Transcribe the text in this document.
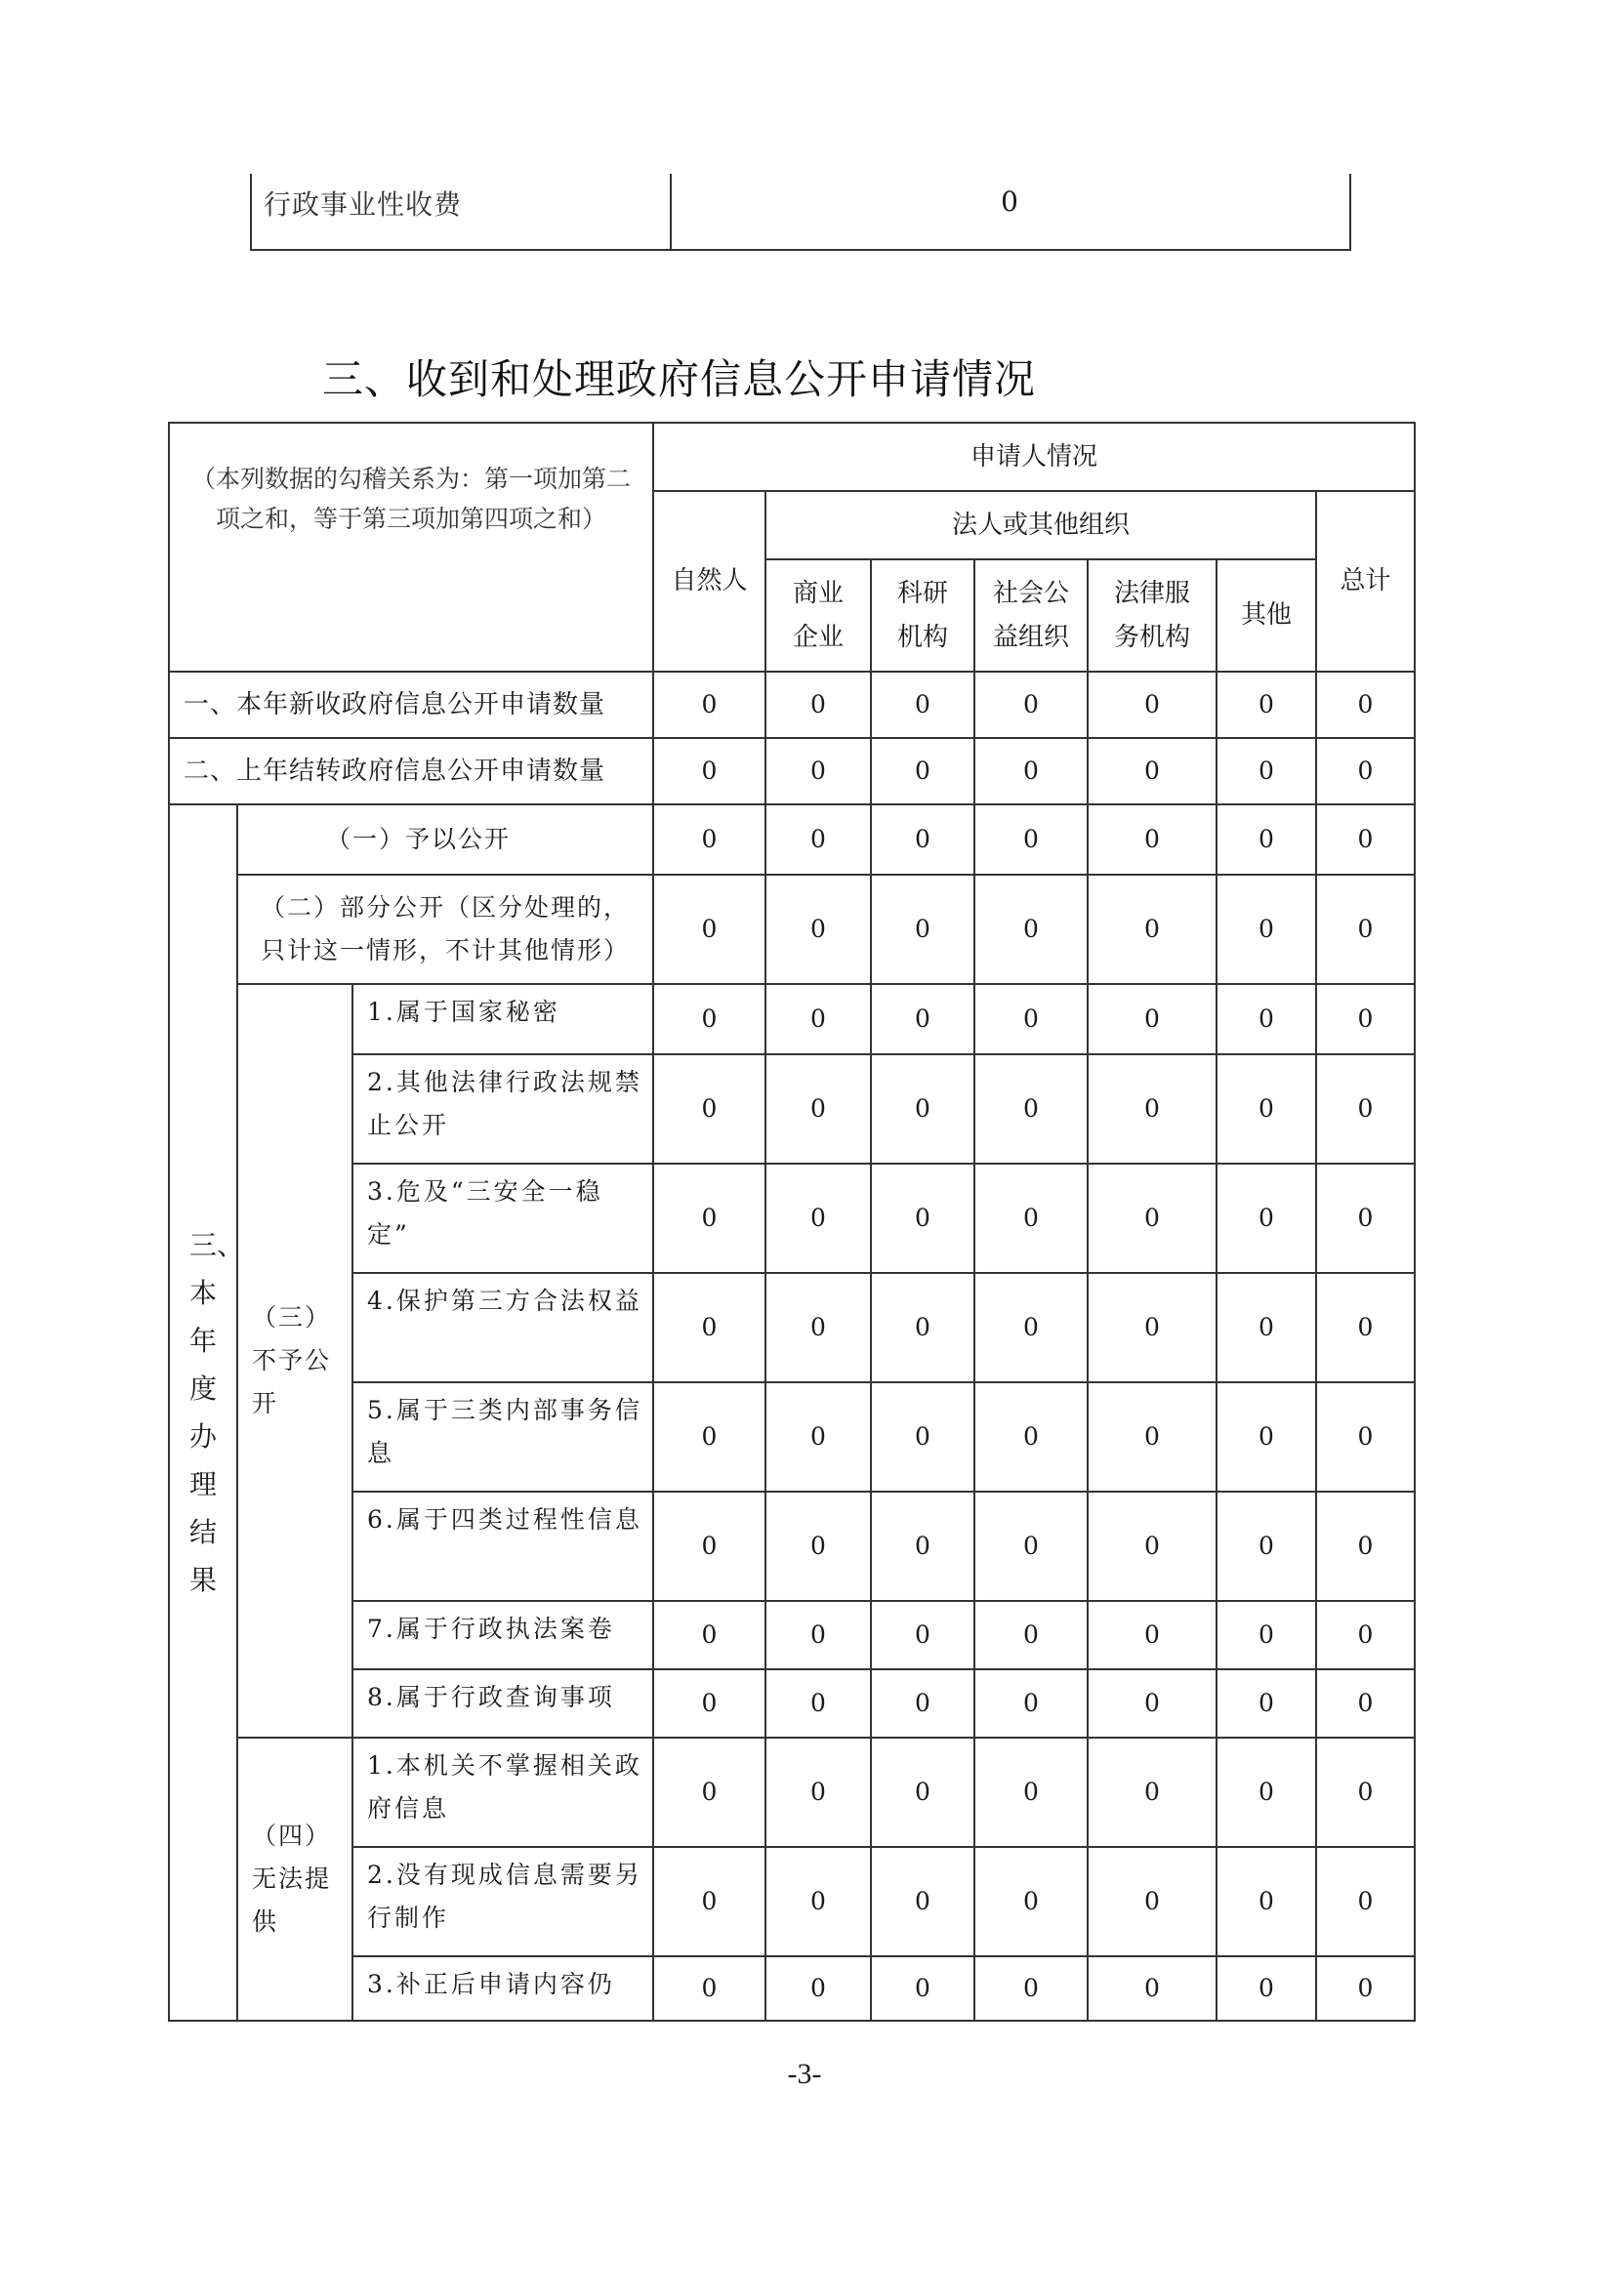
行政事业性收费	0
三、收到和处理政府信息公开申请情况
（本列数据的勾稽关系为：第一项加第二项之和，等于第三项加第四项之和）			申请人情况						
			自然人	法人或其他组织					总计
				商业企业	科研机构	社会公益组织	法律服务机构	其他	
一、本年新收政府信息公开申请数量			0	0	0	0	0	0	0
二、上年结转政府信息公开申请数量			0	0	0	0	0	0	0
三、本年度办理结果	（一）予以公开		0	0	0	0	0	0	0
	（二）部分公开（区分处理的，只计这一情形，不计其他情形）		0	0	0	0	0	0	0
	（三）不予公开	1.属于国家秘密	0	0	0	0	0	0	0
		2.其他法律行政法规禁止公开	0	0	0	0	0	0	0
		3.危及“三安全一稳定”	0	0	0	0	0	0	0
		4.保护第三方合法权益	0	0	0	0	0	0	0
		5.属于三类内部事务信息	0	0	0	0	0	0	0
		6.属于四类过程性信息	0	0	0	0	0	0	0
		7.属于行政执法案卷	0	0	0	0	0	0	0
		8.属于行政查询事项	0	0	0	0	0	0	0
	（四）无法提供	1.本机关不掌握相关政府信息	0	0	0	0	0	0	0
		2.没有现成信息需要另行制作	0	0	0	0	0	0	0
		3.补正后申请内容仍	0	0	0	0	0	0	0
-3-
